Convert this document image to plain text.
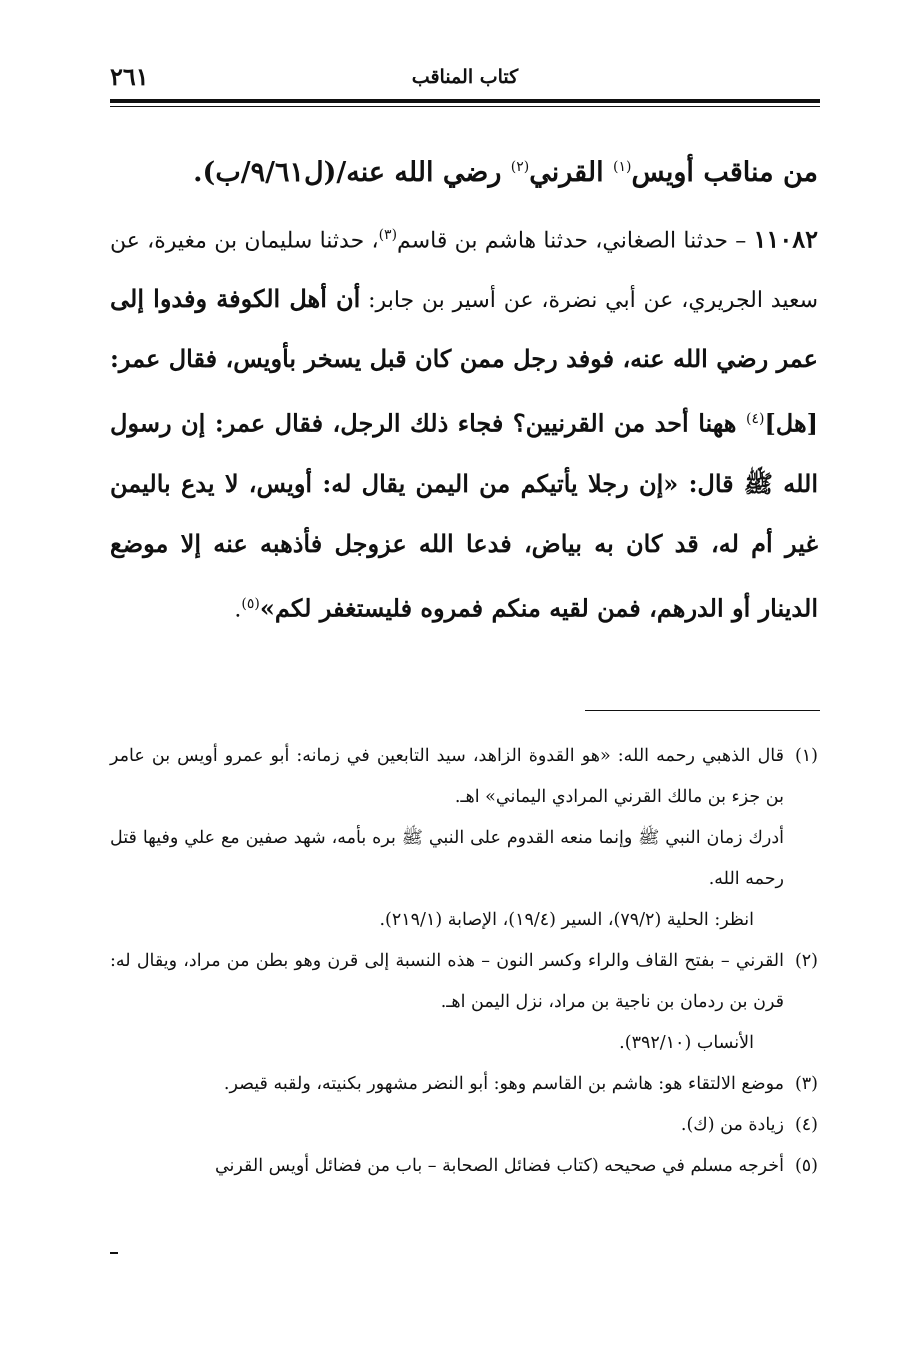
كتاب المناقب
٢٦١
من مناقب أويس$^{(١)}$ القرني$^{(٢)}$ رضي الله عنه/(ل٩/٦١/ب).
١١٠٨٢ – حدثنا الصغاني، حدثنا هاشم بن قاسم$^{(٣)}$، حدثنا سليمان بن مغيرة، عن سعيد الجريري، عن أبي نضرة، عن أسير بن جابر: أن أهل الكوفة وفدوا إلى عمر رضي الله عنه، فوفد رجل ممن كان قبل يسخر بأويس، فقال عمر: [هل]$^{(٤)}$ ههنا أحد من القرنيين؟ فجاء ذلك الرجل، فقال عمر: إن رسول الله ﷺ قال: «إن رجلا يأتيكم من اليمن يقال له: أويس، لا يدع باليمن غير أم له، قد كان به بياض، فدعا الله عزوجل فأذهبه عنه إلا موضع الدينار أو الدرهم، فمن لقيه منكم فمروه فليستغفر لكم»$^{(٥)}$.
(١)

قال الذهبي رحمه الله: «هو القدوة الزاهد، سيد التابعين في زمانه: أبو عمرو أويس بن عامر بن جزء بن مالك القرني المرادي اليماني» اهـ.

أدرك زمان النبي ﷺ وإنما منعه القدوم على النبي ﷺ بره بأمه، شهد صفين مع علي وفيها قتل رحمه الله.

انظر: الحلية (٧٩/٢)، السير (١٩/٤)، الإصابة (٢١٩/١).

(٢)

القرني – بفتح القاف والراء وكسر النون – هذه النسبة إلى قرن وهو بطن من مراد، ويقال له: قرن بن ردمان بن ناجية بن مراد، نزل اليمن اهـ.

الأنساب (٣٩٢/١٠).

(٣)

موضع الالتقاء هو: هاشم بن القاسم وهو: أبو النضر مشهور بكنيته، ولقبه قيصر.

(٤)

زيادة من (ك).

(٥)

أخرجه مسلم في صحيحه (كتاب فضائل الصحابة – باب من فضائل أويس القرني
